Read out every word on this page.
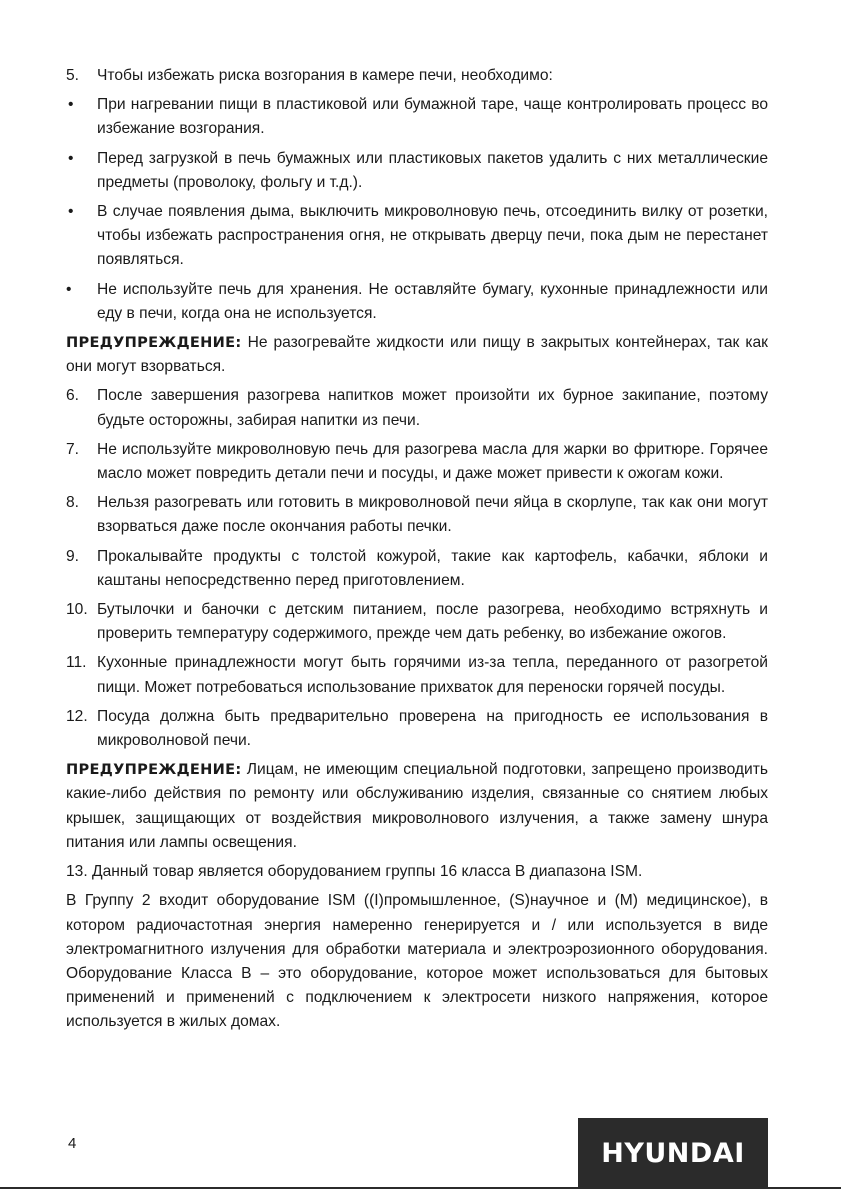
5. Чтобы избежать риска возгорания в камере печи, необходимо:
• При нагревании пищи в пластиковой или бумажной таре, чаще контролировать процесс во избежание возгорания.
• Перед загрузкой в печь бумажных или пластиковых пакетов удалить с них металлические предметы (проволоку, фольгу и т.д.).
• В случае появления дыма, выключить микроволновую печь, отсоединить вилку от розетки, чтобы избежать распространения огня, не открывать дверцу печи, пока дым не перестанет появляться.
• Не используйте печь для хранения. Не оставляйте бумагу, кухонные принадлежности или еду в печи, когда она не используется.
ПРЕДУПРЕЖДЕНИЕ: Не разогревайте жидкости или пищу в закрытых контейнерах, так как они могут взорваться.
6. После завершения разогрева напитков может произойти их бурное закипание, поэтому будьте осторожны, забирая напитки из печи.
7. Не используйте микроволновую печь для разогрева масла для жарки во фритюре. Горячее масло может повредить детали печи и посуды, и даже может привести к ожогам кожи.
8. Нельзя разогревать или готовить в микроволновой печи яйца в скорлупе, так как они могут взорваться даже после окончания работы печки.
9. Прокалывайте продукты с толстой кожурой, такие как картофель, кабачки, яблоки и каштаны непосредственно перед приготовлением.
10. Бутылочки и баночки с детским питанием, после разогрева, необходимо встряхнуть и проверить температуру содержимого, прежде чем дать ребенку, во избежание ожогов.
11. Кухонные принадлежности могут быть горячими из-за тепла, переданного от разогретой пищи. Может потребоваться использование прихваток для переноски горячей посуды.
12. Посуда должна быть предварительно проверена на пригодность ее использования в микроволновой печи.
ПРЕДУПРЕЖДЕНИЕ: Лицам, не имеющим специальной подготовки, запрещено производить какие-либо действия по ремонту или обслуживанию изделия, связанные со снятием любых крышек, защищающих от воздействия микроволнового излучения, а также замену шнура питания или лампы освещения.
13. Данный товар является оборудованием группы 16 класса В диапазона ISM.
В Группу 2 входит оборудование ISM ((I)промышленное, (S)научное и (M) медицинское), в котором радиочастотная энергия намеренно генерируется и / или используется в виде электромагнитного излучения для обработки материала и электроэрозионного оборудования. Оборудование Класса В – это оборудование, которое может использоваться для бытовых применений и применений с подключением к электросети низкого напряжения, которое используется в жилых домах.
4	HYUNDAI
